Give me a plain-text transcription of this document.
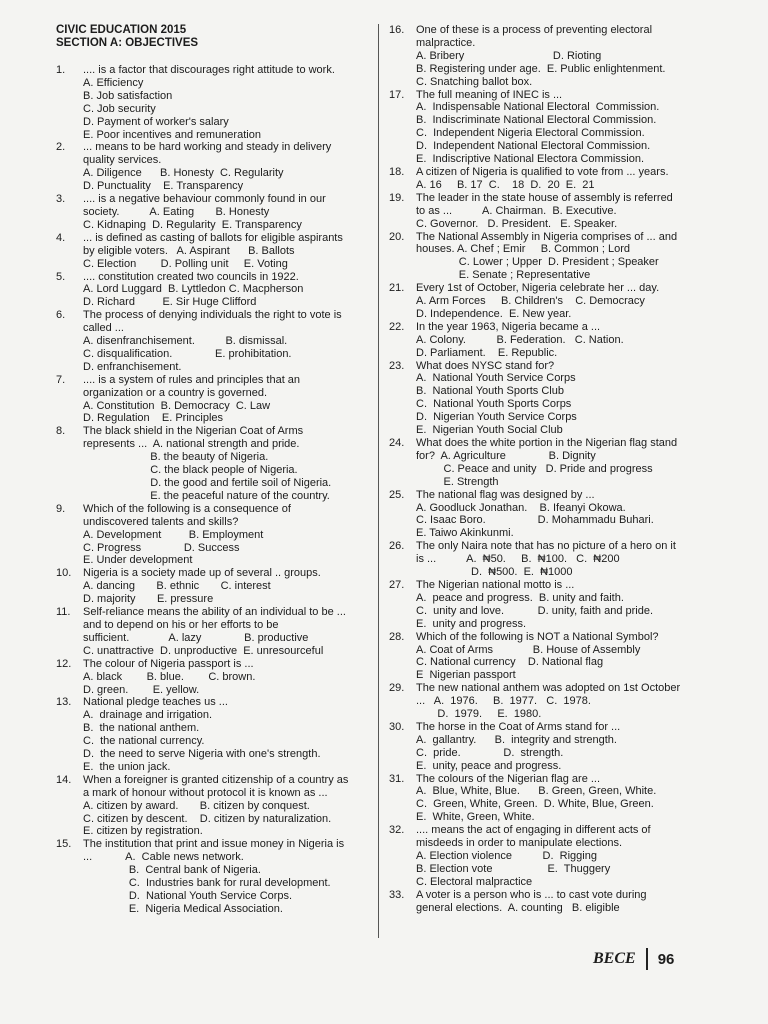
CIVIC EDUCATION 2015

SECTION A: OBJECTIVES

1. .... is a factor that discourages right attitude to work.
A. Efficiency
B. Job satisfaction
C. Job security
D. Payment of worker's salary
E. Poor incentives and remuneration
2. ... means to be hard working and steady in delivery
quality services.
A. Diligence      B. Honesty  C. Regularity
D. Punctuality    E. Transparency
3. .... is a negative behaviour commonly found in our
society.          A. Eating       B. Honesty
C. Kidnaping  D. Regularity  E. Transparency
4. ... is defined as casting of ballots for eligible aspirants
by eligible voters.   A. Aspirant      B. Ballots
C. Election        D. Polling unit     E. Voting
5. .... constitution created two councils in 1922.
A. Lord Luggard  B. Lyttledon C. Macpherson
D. Richard         E. Sir Huge Clifford
6. The process of denying individuals the right to vote is
called ...
A. disenfranchisement.          B. dismissal.
C. disqualification.              E. prohibitation.
D. enfranchisement.
7. .... is a system of rules and principles that an
organization or a country is governed.
A. Constitution  B. Democracy  C. Law
D. Regulation    E. Principles
8. The black shield in the Nigerian Coat of Arms
represents ...  A. national strength and pride.
B. the beauty of Nigeria.
C. the black people of Nigeria.
D. the good and fertile soil of Nigeria.
E. the peaceful nature of the country.
9. Which of the following is a consequence of
undiscovered talents and skills?
A. Development         B. Employment
C. Progress              D. Success
E. Under development
10. Nigeria is a society made up of several .. groups.
A. dancing       B. ethnic       C. interest
D. majority       E. pressure
11. Self-reliance means the ability of an individual to be ...
and to depend on his or her efforts to be
sufficient.             A. lazy              B. productive
C. unattractive  D. unproductive  E. unresourceful
12. The colour of Nigeria passport is ...
A. black        B. blue.        C. brown.
D. green.        E. yellow.
13. National pledge teaches us ...
A.  drainage and irrigation.
B.  the national anthem.
C.  the national currency.
D.  the need to serve Nigeria with one's strength.
E.  the union jack.
14. When a foreigner is granted citizenship of a country as
a mark of honour without protocol it is known as ...
A. citizen by award.       B. citizen by conquest.
C. citizen by descent.    D. citizen by naturalization.
E. citizen by registration.
15. The institution that print and issue money in Nigeria is
...           A.  Cable news network.
B.  Central bank of Nigeria.
C.  Industries bank for rural development.
D.  National Youth Service Corps.
E.  Nigeria Medical Association.
16. One of these is a process of preventing electoral
malpractice.
A. Bribery                             D. Rioting
B. Registering under age.  E. Public enlightenment.
C. Snatching ballot box.
17. The full meaning of INEC is ...
A.  Indispensable National Electoral  Commission.
B.  Indiscriminate National Electoral Commission.
C.  Independent Nigeria Electoral Commission.
D.  Independent National Electoral Commission.
E.  Indiscriptive National Electora Commission.
18. A citizen of Nigeria is qualified to vote from ... years.
A. 16     B. 17  C.    18  D.  20  E.  21
19. The leader in the state house of assembly is referred
to as ...          A. Chairman.  B. Executive.
C. Governor.   D. President.   E. Speaker.
20. The National Assembly in Nigeria comprises of ... and
houses. A. Chef ; Emir     B. Common ; Lord
C. Lower ; Upper  D. President ; Speaker
E. Senate ; Representative
21. Every 1st of October, Nigeria celebrate her ... day.
A. Arm Forces     B. Children's    C. Democracy
D. Independence.  E. New year.
22. In the year 1963, Nigeria became a ...
A. Colony.          B. Federation.   C. Nation.
D. Parliament.    E. Republic.
23. What does NYSC stand for?
A.  National Youth Service Corps
B.  National Youth Sports Club
C.  National Youth Sports Corps
D.  Nigerian Youth Service Corps
E.  Nigerian Youth Social Club
24. What does the white portion in the Nigerian flag stand
for?  A. Agriculture              B. Dignity
C. Peace and unity   D. Pride and progress
E. Strength
25. The national flag was designed by ...
A. Goodluck Jonathan.    B. Ifeanyi Okowa.
C. Isaac Boro.                 D. Mohammadu Buhari.
E. Taiwo Akinkunmi.
26. The only Naira note that has no picture of a hero on it
is ...          A.  ₦50.     B.  ₦100.   C.  ₦200
D.  ₦500.  E.  ₦1000
27. The Nigerian national motto is ...
A.  peace and progress.  B. unity and faith.
C.  unity and love.           D. unity, faith and pride.
E.  unity and progress.
28. Which of the following is NOT a National Symbol?
A. Coat of Arms             B. House of Assembly
C. National currency    D. National flag
E  Nigerian passport
29. The new national anthem was adopted on 1st October
...   A.  1976.     B.  1977.   C.  1978.
D.  1979.     E.  1980.
30. The horse in the Coat of Arms stand for ...
A.  gallantry.      B.  integrity and strength.
C.  pride.              D.  strength.
E.  unity, peace and progress.
31. The colours of the Nigerian flag are ...
A.  Blue, White, Blue.      B. Green, Green, White.
C.  Green, White, Green.  D. White, Blue, Green.
E.  White, Green, White.
32. .... means the act of engaging in different acts of
misdeeds in order to manipulate elections.
A. Election violence          D.  Rigging
B. Election vote                  E.  Thuggery
C. Electoral malpractice
33. A voter is a person who is ... to cast vote during
general elections.  A. counting   B. eligible
BECE 96
